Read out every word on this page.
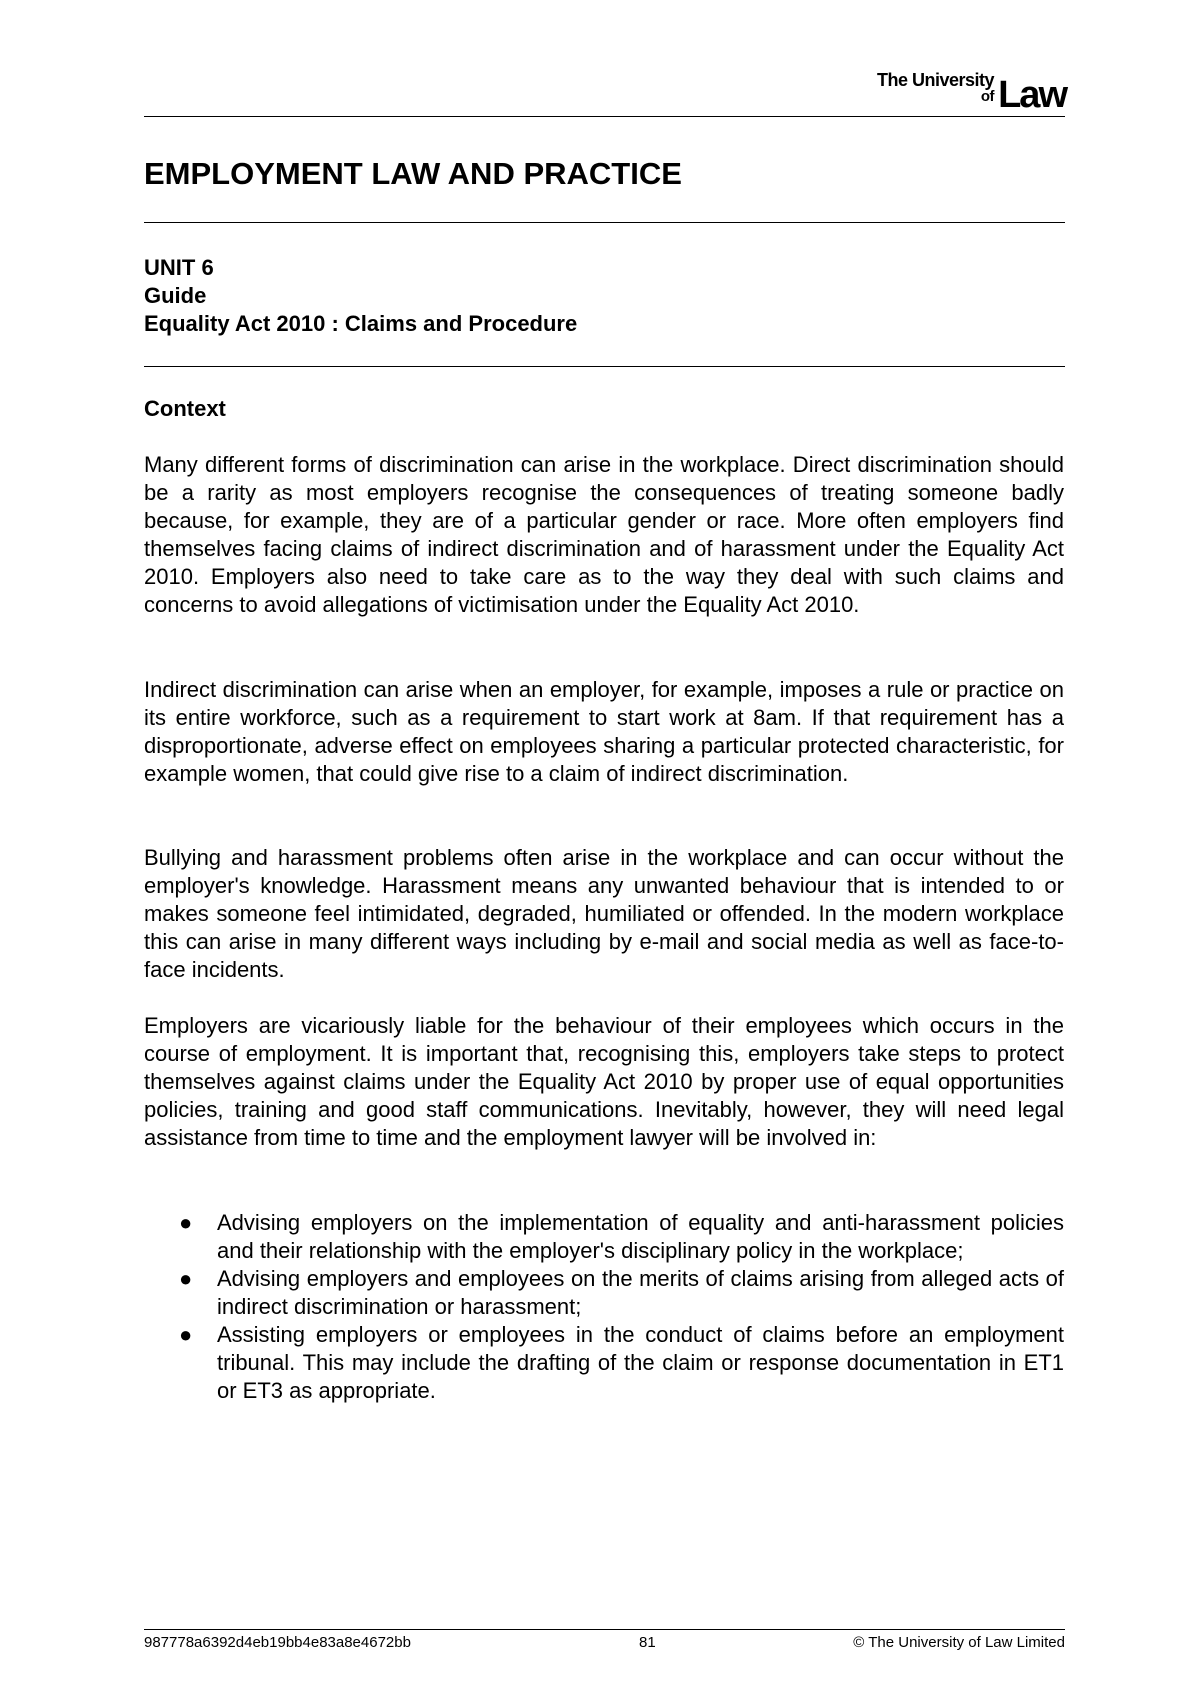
The University
of Law
EMPLOYMENT LAW AND PRACTICE
UNIT 6
Guide
Equality Act 2010 : Claims and Procedure
Context
Many different forms of discrimination can arise in the workplace. Direct discrimination should be a rarity as most employers recognise the consequences of treating someone badly because, for example, they are of a particular gender or race. More often employers find themselves facing claims of indirect discrimination and of harassment under the Equality Act 2010. Employers also need to take care as to the way they deal with such claims and concerns to avoid allegations of victimisation under the Equality Act 2010.
Indirect discrimination can arise when an employer, for example, imposes a rule or practice on its entire workforce, such as a requirement to start work at 8am. If that requirement has a disproportionate, adverse effect on employees sharing a particular protected characteristic, for example women, that could give rise to a claim of indirect discrimination.
Bullying and harassment problems often arise in the workplace and can occur without the employer's knowledge. Harassment means any unwanted behaviour that is intended to or makes someone feel intimidated, degraded, humiliated or offended. In the modern workplace this can arise in many different ways including by e-mail and social media as well as face-to-face incidents.
Employers are vicariously liable for the behaviour of their employees which occurs in the course of employment. It is important that, recognising this, employers take steps to protect themselves against claims under the Equality Act 2010 by proper use of equal opportunities policies, training and good staff communications. Inevitably, however, they will need legal assistance from time to time and the employment lawyer will be involved in:
● Advising employers on the implementation of equality and anti-harassment policies and their relationship with the employer's disciplinary policy in the workplace;
● Advising employers and employees on the merits of claims arising from alleged acts of indirect discrimination or harassment;
● Assisting employers or employees in the conduct of claims before an employment tribunal. This may include the drafting of the claim or response documentation in ET1 or ET3 as appropriate.
987778a6392d4eb19bb4e83a8e4672bb	81	© The University of Law Limited
